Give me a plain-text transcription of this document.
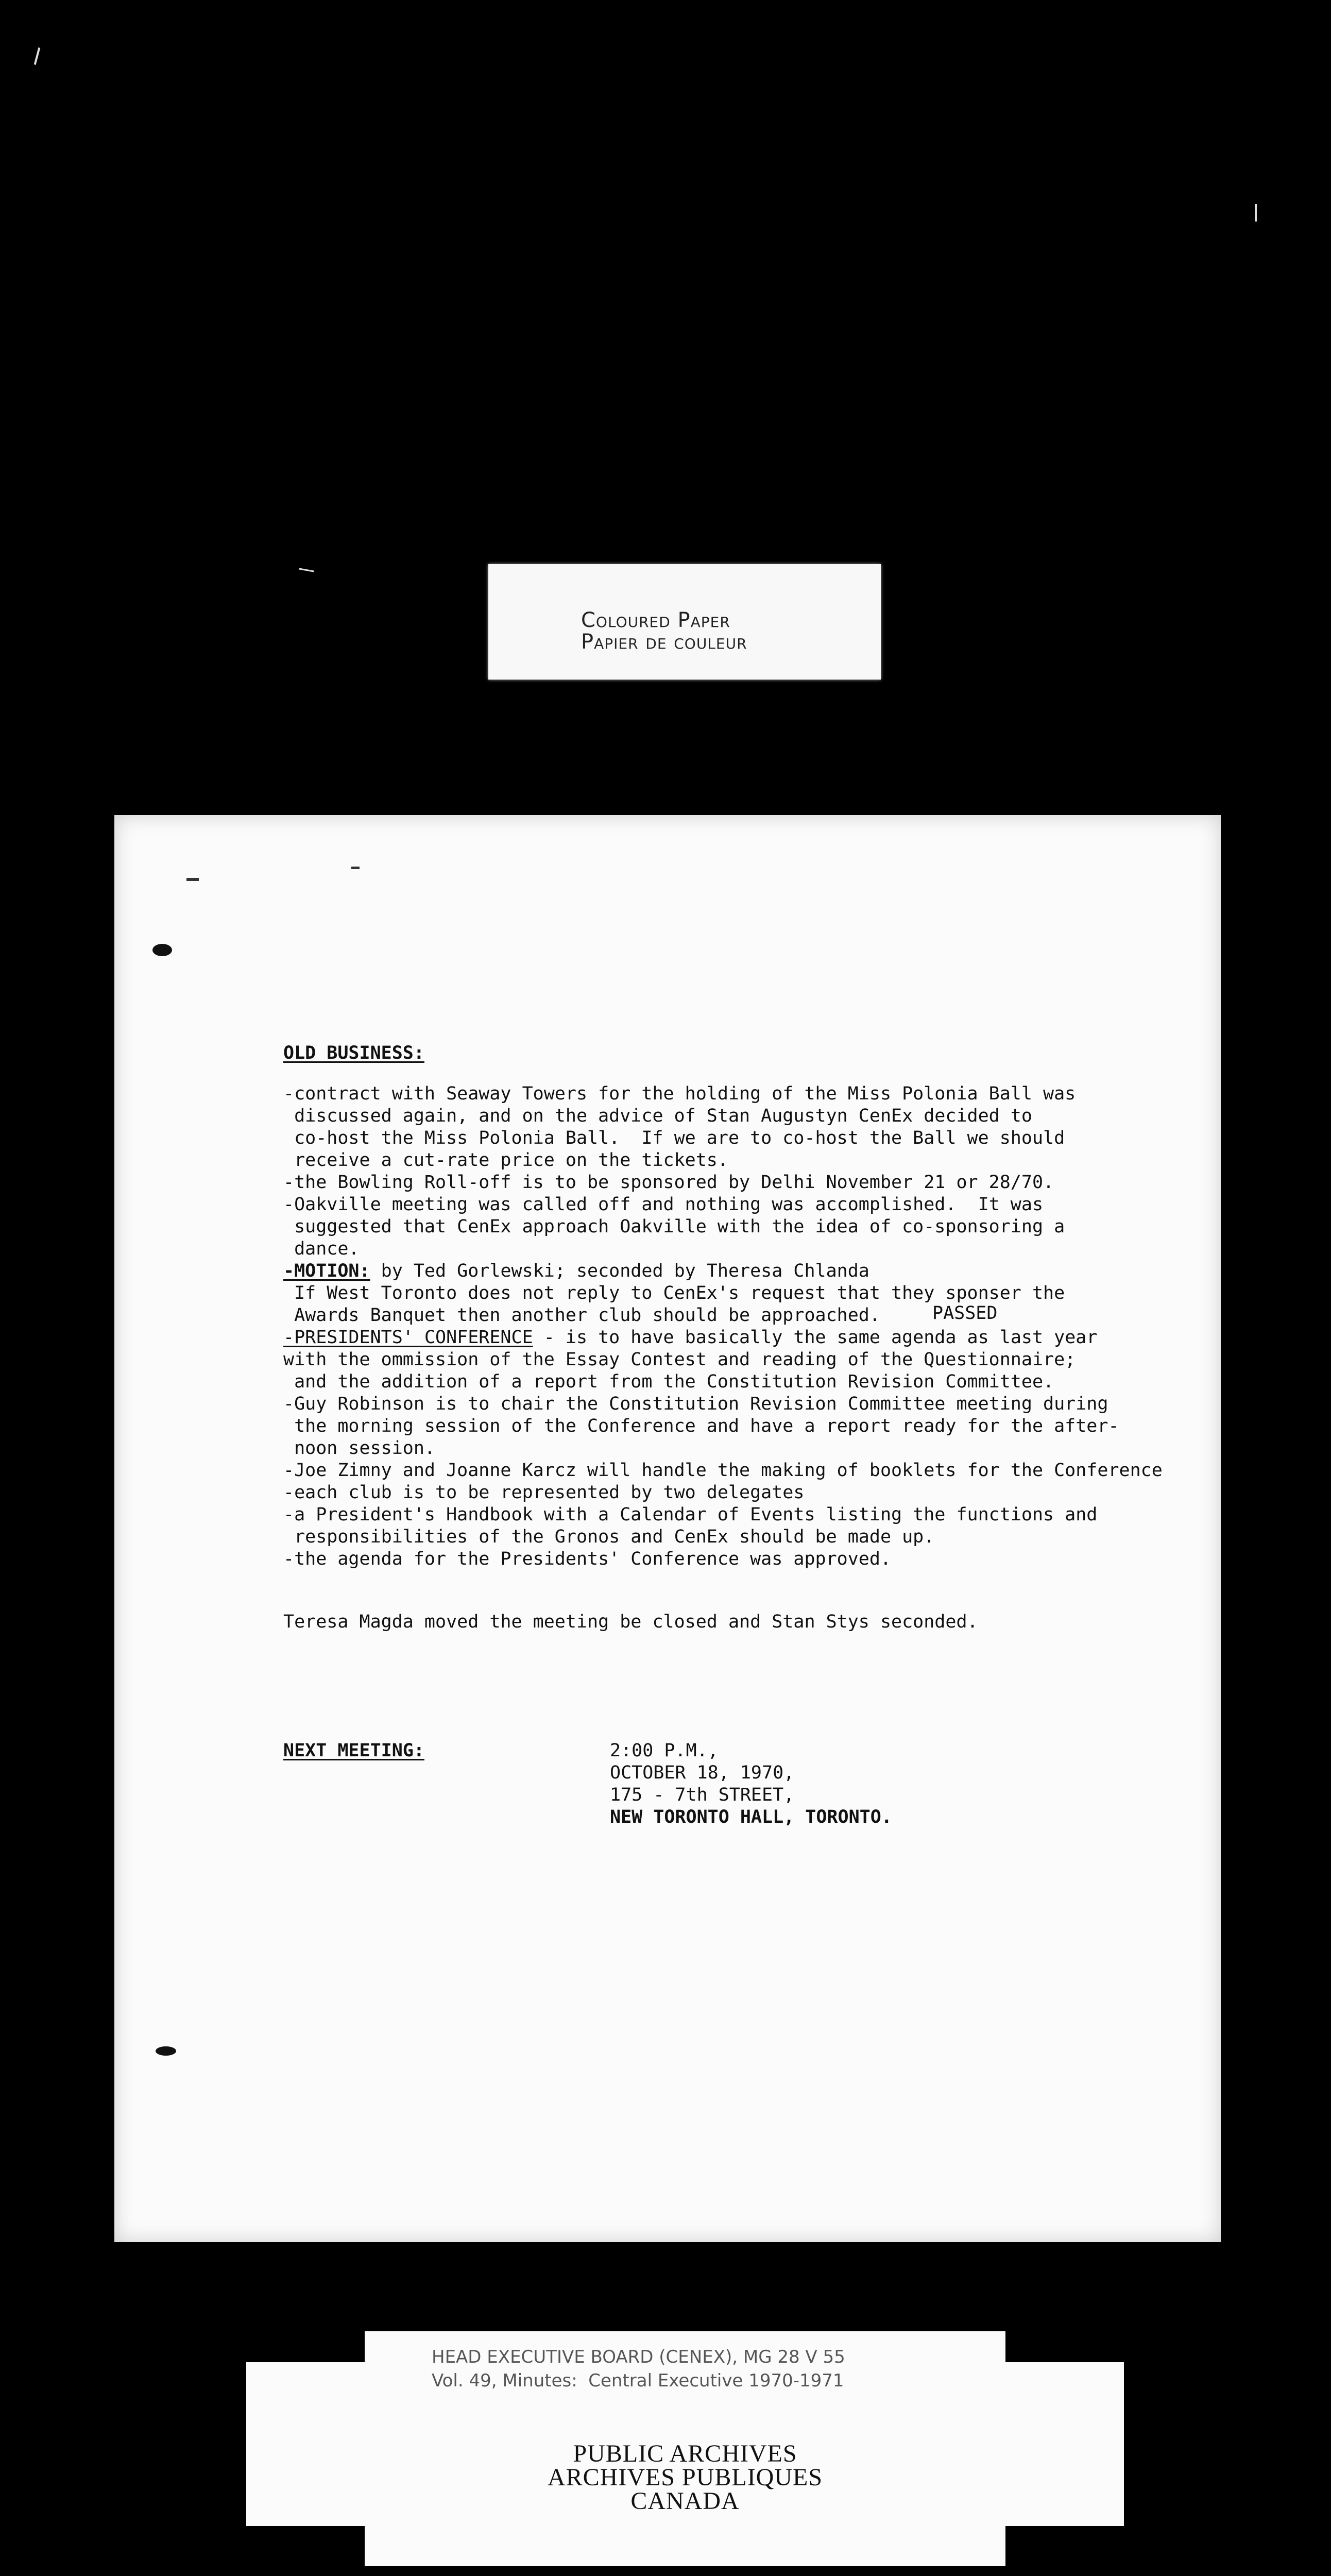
Coloured Paper
Papier de couleur
OLD BUSINESS:
-contract with Seaway Towers for the holding of the Miss Polonia Ball was
discussed again, and on the advice of Stan Augustyn CenEx decided to
co-host the Miss Polonia Ball.  If we are to co-host the Ball we should
receive a cut-rate price on the tickets.
-the Bowling Roll-off is to be sponsored by Delhi November 21 or 28/70.
-Oakville meeting was called off and nothing was accomplished.  It was
suggested that CenEx approach Oakville with the idea of co-sponsoring a
dance.
-MOTION: by Ted Gorlewski; seconded by Theresa Chlanda
If West Toronto does not reply to CenEx's request that they sponser the
Awards Banquet then another club should be approached.	PASSED
-PRESIDENTS' CONFERENCE - is to have basically the same agenda as last year
with the ommission of the Essay Contest and reading of the Questionnaire;
and the addition of a report from the Constitution Revision Committee.
-Guy Robinson is to chair the Constitution Revision Committee meeting during
the morning session of the Conference and have a report ready for the after-
noon session.
-Joe Zimny and Joanne Karcz will handle the making of booklets for the Conference
-each club is to be represented by two delegates
-a President's Handbook with a Calendar of Events listing the functions and
responsibilities of the Gronos and CenEx should be made up.
-the agenda for the Presidents' Conference was approved.
Teresa Magda moved the meeting be closed and Stan Stys seconded.
NEXT MEETING:	2:00 P.M.,
OCTOBER 18, 1970,
175 - 7th STREET,
NEW TORONTO HALL, TORONTO.
HEAD EXECUTIVE BOARD (CENEX), MG 28 V 55
Vol. 49, Minutes:  Central Executive 1970-1971
PUBLIC ARCHIVES
ARCHIVES PUBLIQUES
CANADA
